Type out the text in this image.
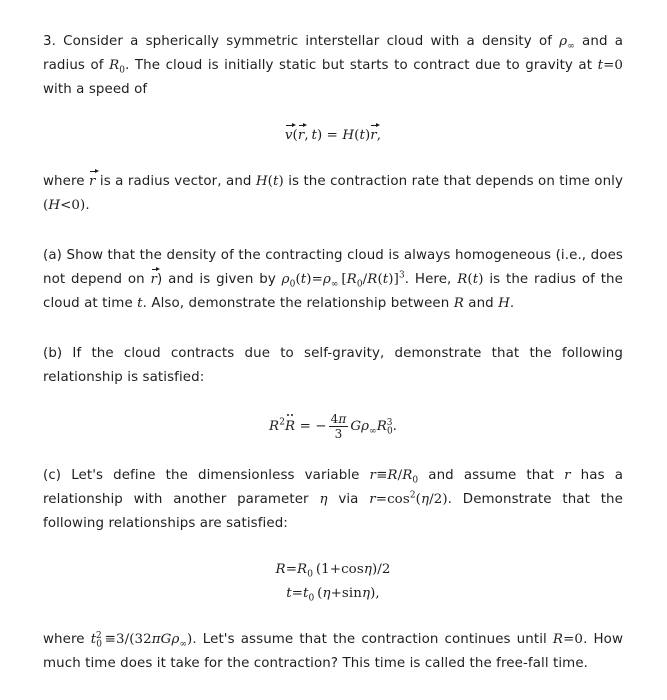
3. Consider a spherically symmetric interstellar cloud with a density of $\rho_\infty$ and a radius of $R_0$. The cloud is initially static but starts to contract due to gravity at t=0 with a speed of

v(r,  t) = H(t)r,

where r is a radius vector, and H(t) is the contraction rate that depends on time only (H<0).

(a) Show that the density of the contracting cloud is always homogeneous (i.e., does not depend on r) and is given by $\rho_0(t)=\rho_\infty$  $[R_0/R(t)]^3$. Here, R(t) is the radius of the cloud at time t. Also, demonstrate the relationship between R and H.

(b) If the cloud contracts due to self-gravity, demonstrate that the following relationship is satisfied:

$R^2R$ = − $\frac{4\pi}{3} G\rho_\infty R_0^3$.

(c) Let's define the dimensionless variable $r\equiv R/R_0$ and assume that r has a relationship with another parameter η via $r=\cos^2(\eta/2)$. Demonstrate that the following relationships are satisfied:

$R=R_0$  (1+cosη)/2
$t=t_0$  (η+sinη),

where $t_0^2 \equiv 3/(32\pi G\rho_\infty)$. Let's assume that the contraction continues until R=0. How much time does it take for the contraction? This time is called the free-fall time.
